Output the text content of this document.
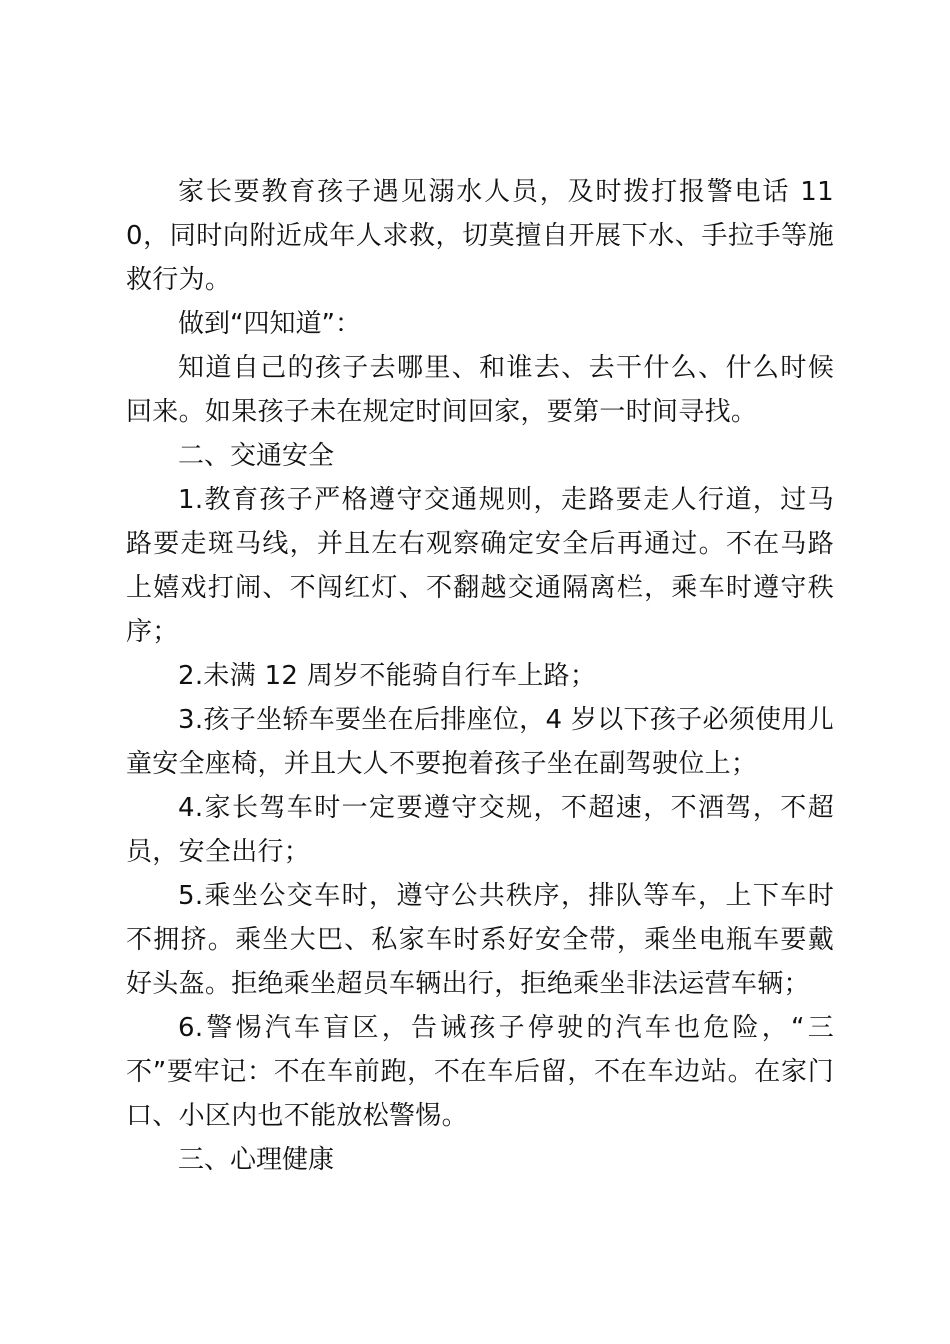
家长要教育孩子遇见溺水人员，及时拨打报警电话 110，同时向附近成年人求救，切莫擅自开展下水、手拉手等施救行为。

做到“四知道”：

知道自己的孩子去哪里、和谁去、去干什么、什么时候回来。如果孩子未在规定时间回家，要第一时间寻找。

二、交通安全

1.教育孩子严格遵守交通规则，走路要走人行道，过马路要走斑马线，并且左右观察确定安全后再通过。不在马路上嬉戏打闹、不闯红灯、不翻越交通隔离栏，乘车时遵守秩序；

2.未满 12 周岁不能骑自行车上路；

3.孩子坐轿车要坐在后排座位，4 岁以下孩子必须使用儿童安全座椅，并且大人不要抱着孩子坐在副驾驶位上；

4.家长驾车时一定要遵守交规，不超速，不酒驾，不超员，安全出行；

5.乘坐公交车时，遵守公共秩序，排队等车，上下车时不拥挤。乘坐大巴、私家车时系好安全带，乘坐电瓶车要戴好头盔。拒绝乘坐超员车辆出行，拒绝乘坐非法运营车辆；

6.警惕汽车盲区，告诫孩子停驶的汽车也危险，“三不”要牢记：不在车前跑，不在车后留，不在车边站。在家门口、小区内也不能放松警惕。

三、心理健康
